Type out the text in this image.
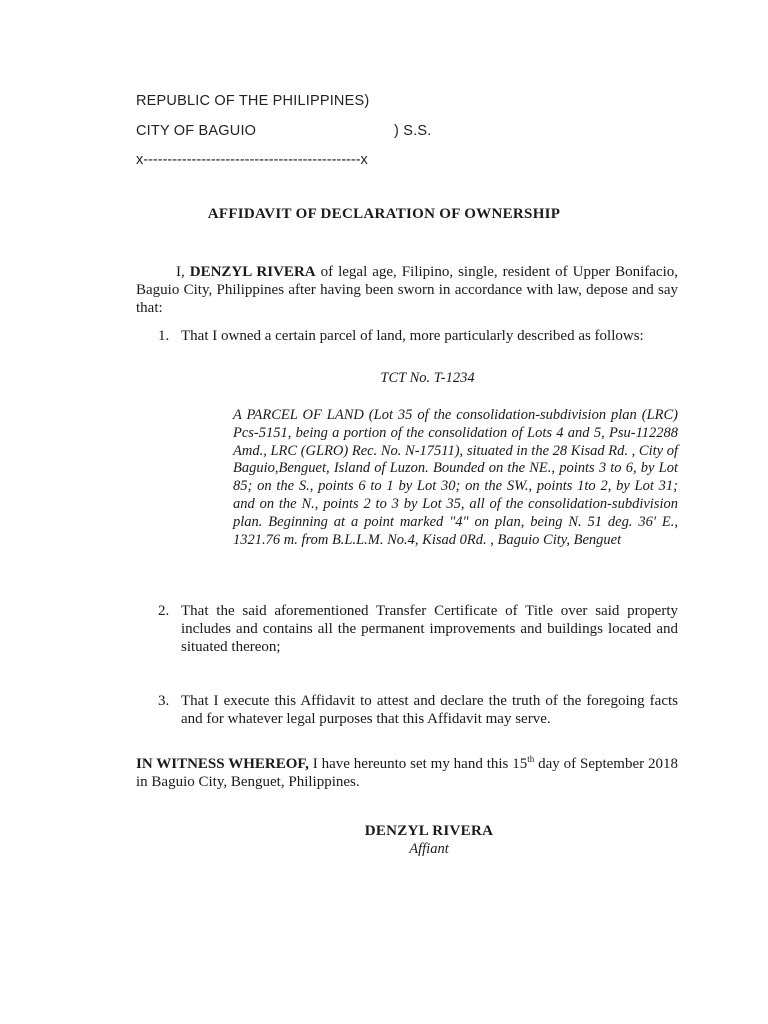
REPUBLIC OF THE PHILIPPINES)
CITY OF BAGUIO	) S.S.
x---------------------------------------------x
AFFIDAVIT OF DECLARATION OF OWNERSHIP
I, DENZYL RIVERA of legal age, Filipino, single, resident of Upper Bonifacio, Baguio City, Philippines after having been sworn in accordance with law, depose and say that:
1. That I owned a certain parcel of land, more particularly described as follows:
TCT No. T-1234
A PARCEL OF LAND (Lot 35 of the consolidation-subdivision plan (LRC) Pcs-5151, being a portion of the consolidation of Lots 4 and 5, Psu-112288 Amd., LRC (GLRO) Rec. No. N-17511), situated in the 28 Kisad Rd. , City of Baguio,Benguet, Island of Luzon. Bounded on the NE., points 3 to 6, by Lot 85; on the S., points 6 to 1 by Lot 30; on the SW., points 1to 2, by Lot 31; and on the N., points 2 to 3 by Lot 35, all of the consolidation-subdivision plan. Beginning at a point marked "4" on plan, being N. 51 deg. 36' E., 1321.76 m. from B.L.L.M. No.4, Kisad 0Rd. , Baguio City, Benguet
2. That the said aforementioned Transfer Certificate of Title over said property includes and contains all the permanent improvements and buildings located and situated thereon;
3. That I execute this Affidavit to attest and declare the truth of the foregoing facts and for whatever legal purposes that this Affidavit may serve.
IN WITNESS WHEREOF, I have hereunto set my hand this 15th day of September 2018 in Baguio City, Benguet, Philippines.
DENZYL RIVERA
Affiant
